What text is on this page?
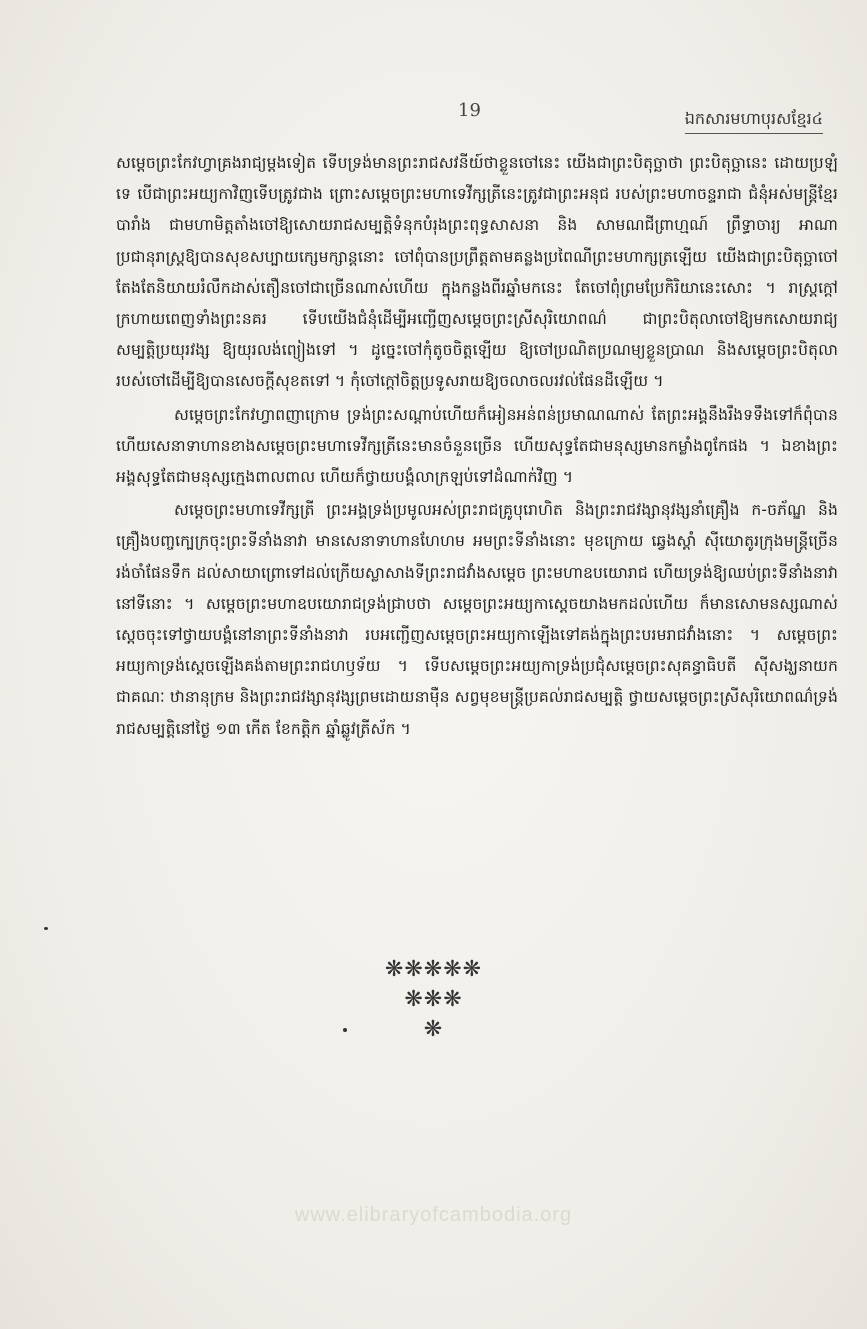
19	ឯកសារមហាបុរសខ្មែរ៤

សម្ដេចព្រះកែវហ្វាគ្រងរាជ្យម្ដងទៀត ទើបទ្រង់មានព្រះរាជសវនីយ៍ថាខ្លួនចៅនេះ យើងជាព្រះបិតុច្ឆាថា ព្រះបិតុច្ឆានេះ ដោយប្រឡំទេ បើជាព្រះអយ្យកាវិញទើបត្រូវជាង ព្រោះសម្ដេចព្រះមហាទេវីក្សត្រីនេះត្រូវជាព្រះអនុជ របស់ព្រះមហាចន្ទរាជា ជំនុំអស់មន្ត្រីខ្មែរបារាំង ជាមហាមិត្តតាំងចៅឱ្យសោយរាជសម្បត្តិទំនុកបំរុងព្រះពុទ្ធសាសនា និង សាមណជីព្រាហ្មណ៍ ព្រឹទ្ធាចារ្យ អាណាប្រជានុរាស្ត្រឱ្យបានសុខសប្បាយក្សេមក្សាន្តនោះ ចៅពុំបានប្រព្រឹត្តតាមគន្លងប្រពៃណីព្រះមហាក្សត្រឡើយ យើងជាព្រះបិតុច្ឆាចៅតែងតែនិយាយរំលឹកដាស់តឿនចៅជាច្រើនណាស់ហើយ ក្នុងកន្លងពីរឆ្នាំមកនេះ តែចៅពុំព្រមប្រែកិរិយានេះសោះ ។ រាស្ត្រក្ដៅក្រហាយពេញទាំងព្រះនគរ ទើបយើងជំនុំដើម្បីអញ្ជើញសម្ដេចព្រះស្រីសុរិយោពណ៌ ជាព្រះបិតុលាចៅឱ្យមកសោយរាជ្យសម្បត្តិប្រយុរវង្ស ឱ្យយុរលង់ព្យៀងទៅ ។ ដូច្នេះចៅកុំតូចចិត្តឡើយ ឱ្យចៅប្រណិតប្រណម្យខ្លួនប្រាណ និងសម្ដេចព្រះបិតុលារបស់ចៅដើម្បីឱ្យបានសេចក្ដីសុខតទៅ ។ កុំចៅក្ដៅចិត្តប្រទូសរាយឱ្យចលាចលរវល់ផែនដីឡើយ ។

សម្ដេចព្រះកែវហ្វាពញាក្រោម ទ្រង់ព្រះសណ្ដាប់ហើយក៏អៀនអន់ពន់ប្រមាណណាស់ តែព្រះអង្គនឹងរឹងទទឹងទៅក៏ពុំបាន ហើយសេនាទាហានខាងសម្ដេចព្រះមហាទេវីក្សត្រីនេះមានចំនួនច្រើន ហើយសុទ្ធតែជាមនុស្សមានកម្លាំងពូកែផង ។ ឯខាងព្រះអង្គសុទ្ធតែជាមនុស្សក្មេងពាលពាល ហើយក៏ថ្វាយបង្គំលាក្រឡប់ទៅដំណាក់វិញ ។

សម្ដេចព្រះមហាទេវីក្សត្រី ព្រះអង្គទ្រង់ប្រមូលអស់ព្រះរាជគ្រូបុរោហិត និងព្រះរាជវង្សានុវង្សនាំគ្រឿង ក-ចភ័ណ្ឌ និងគ្រឿងបញ្ចក្បេក្រចុះព្រះទីនាំងនាវា មានសេនាទាហានហែហម អមព្រះទីនាំងនោះ មុខក្រោយ ឆ្វេងស្ដាំ ស៊ីយោតូរក្រុងមន្ត្រីច្រើនរង់ចាំផែនទឹក ដល់សាយាព្រោទៅដល់ក្រើយស្លាសាងទីព្រះរាជវាំងសម្ដេច ព្រះមហាឧបយោរាជ ហើយទ្រង់ឱ្យឈប់ព្រះទីនាំងនាវានៅទីនោះ ។ សម្ដេចព្រះមហាឧបយោរាជទ្រង់ជ្រាបថា សម្ដេចព្រះអយ្យកាស្ដេចយាងមកដល់ហើយ ក៏មានសោមនស្សណាស់ស្ដេចចុះទៅថ្វាយបង្គំនៅនាព្រះទីនាំងនាវា របអញ្ជើញសម្ដេចព្រះអយ្យកាឡើងទៅគង់ក្នុងព្រះបរមរាជវាំងនោះ ។ សម្ដេចព្រះអយ្យកាទ្រង់ស្ដេចឡើងគង់តាមព្រះរាជហឫទ័យ ។ ទើបសម្ដេចព្រះអយ្យកាទ្រង់ប្រជុំសម្ដេចព្រះសុគន្ធាធិបតី ស៊ីសង្ឃនាយកជាគណៈ ឋានានុក្រម និងព្រះរាជវង្សានុវង្សព្រមដោយនាម៉ឺន សព្វមុខមន្ត្រីប្រគល់រាជសម្បត្តិ ថ្វាយសម្ដេចព្រះស្រីសុរិយោពណ៌ទ្រង់រាជសម្បត្តិនៅថ្ងៃ ១៣ កើត ខែកត្តិក ឆ្នាំឆ្លូវត្រីស័ក ។

❋❋❋❋❋
❋❋❋
❋
www.elibraryofcambodia.org
